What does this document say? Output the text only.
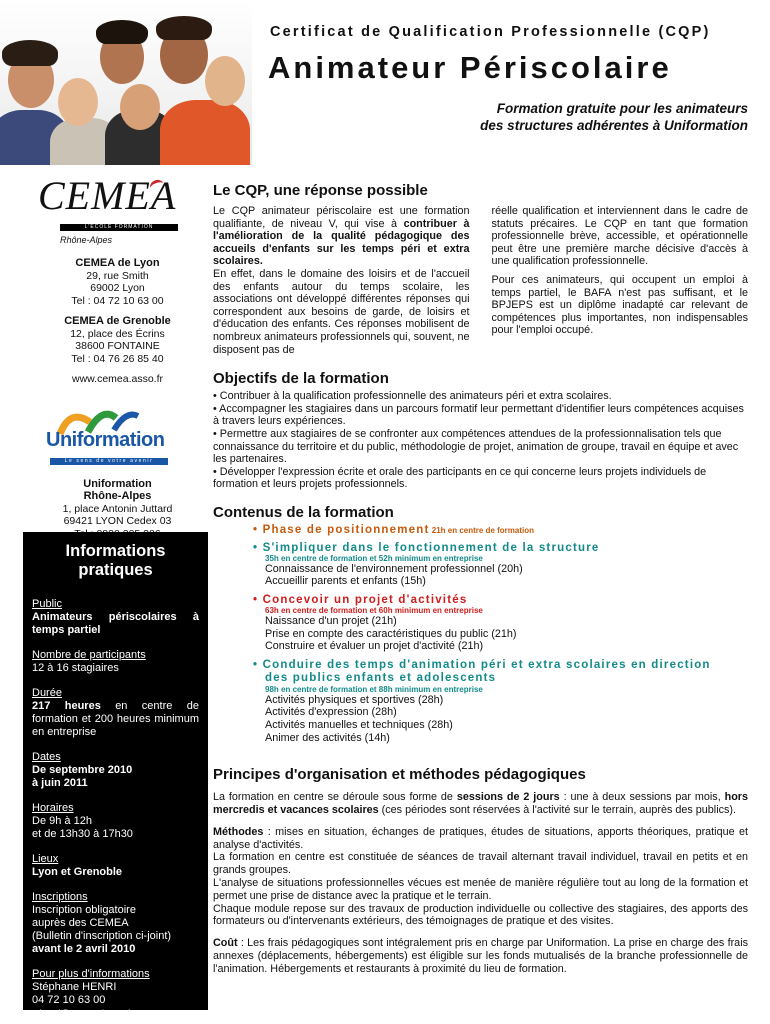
Certificat de Qualification Professionnelle (CQP)
Animateur Périscolaire
Formation gratuite pour les animateurs
des structures adhérentes à Uniformation
CEMEA
L'ÉCOLE FORMATION
Rhône-Alpes
CEMEA de Lyon
29, rue Smith
69002 Lyon
Tel : 04 72 10 63 00
CEMEA de Grenoble
12, place des Écrins
38600 FONTAINE
Tel : 04 76 26 85 40
www.cemea.asso.fr
Uniformation
Le sens de votre avenir
Uniformation
Rhône-Alpes
1, place Antonin Juttard
69421 LYON Cedex 03
Informations
pratiques
Public
Animateurs périscolaires à temps partiel
Nombre de participants
12 à 16 stagiaires
Durée
217 heures en centre de formation et 200 heures minimum en entreprise
Dates
De septembre 2010
à juin 2011
Horaires
De 9h à 12h
et de 13h30 à 17h30
Lieux
Lyon et Grenoble
Inscriptions
Inscription obligatoire
auprès des CEMEA
(Bulletin d'inscription ci-joint)
avant le 2 avril 2010
Pour plus d'informations
Stéphane HENRI
04 72 10 63 00
s.henri@cemearhonealpes.org
Le CQP, une réponse possible

Le CQP animateur périscolaire est une formation qualifiante, de niveau V, qui vise à contribuer à l'amélioration de la qualité pédagogique des accueils d'enfants sur les temps péri et extra scolaires.

En effet, dans le domaine des loisirs et de l'accueil des enfants autour du temps scolaire, les associations ont développé différentes réponses qui correspondent aux besoins de garde, de loisirs et d'éducation des enfants. Ces réponses mobilisent de nombreux animateurs professionnels qui, souvent, ne disposent pas de

réelle qualification et interviennent dans le cadre de statuts précaires. Le CQP en tant que formation professionnelle brève, accessible, et opérationnelle peut être une première marche décisive d'accès à une qualification professionnelle.

Pour ces animateurs, qui occupent un emploi à temps partiel, le BAFA n'est pas suffisant, et le BPJEPS est un diplôme inadapté car relevant de compétences plus importantes, non indispensables pour l'emploi occupé.

Objectifs de la formation
• Contribuer à la qualification professionnelle des animateurs péri et extra scolaires.
• Accompagner les stagiaires dans un parcours formatif leur permettant d'identifier leurs compétences acquises à travers leurs expériences.
• Permettre aux stagiaires de se confronter aux compétences attendues de la professionnalisation tels que connaissance du territoire et du public, méthodologie de projet, animation de groupe, travail en équipe et avec les partenaires.
• Développer l'expression écrite et orale des participants en ce qui concerne leurs projets individuels de formation et leurs projets professionnels.
Contenus de la formation
• Phase de positionnement 21h en centre de formation
• S'impliquer dans le fonctionnement de la structure
35h en centre de formation et 52h minimum en entreprise
Connaissance de l'environnement professionnel (20h)
Accueillir parents et enfants (15h)
• Concevoir un projet d'activités
63h en centre de formation et 60h minimum en entreprise
Naissance d'un projet (21h)
Prise en compte des caractéristiques du public (21h)
Construire et évaluer un projet d'activité (21h)
• Conduire des temps d'animation péri et extra scolaires en direction
des publics enfants et adolescents
98h en centre de formation et 88h minimum en entreprise
Activités physiques et sportives (28h)
Activités d'expression (28h)
Activités manuelles et techniques (28h)
Animer des activités (14h)
Principes d'organisation et méthodes pédagogiques
La formation en centre se déroule sous forme de sessions de 2 jours : une à deux sessions par mois, hors mercredis et vacances scolaires (ces périodes sont réservées à l'activité sur le terrain, auprès des publics).
Méthodes : mises en situation, échanges de pratiques, études de situations, apports théoriques, pratique et analyse d'activités.
La formation en centre est constituée de séances de travail alternant travail individuel, travail en petits et en grands groupes.
L'analyse de situations professionnelles vécues est menée de manière régulière tout au long de la formation et permet une prise de distance avec la pratique et le terrain.
Chaque module repose sur des travaux de production individuelle ou collective des stagiaires, des apports des formateurs ou d'intervenants extérieurs, des témoignages de pratique et des visites.
Coût : Les frais pédagogiques sont intégralement pris en charge par Uniformation. La prise en charge des frais annexes (déplacements, hébergements) est éligible sur les fonds mutualisés de la branche professionnelle de l'animation. Hébergements et restaurants à proximité du lieu de formation.
